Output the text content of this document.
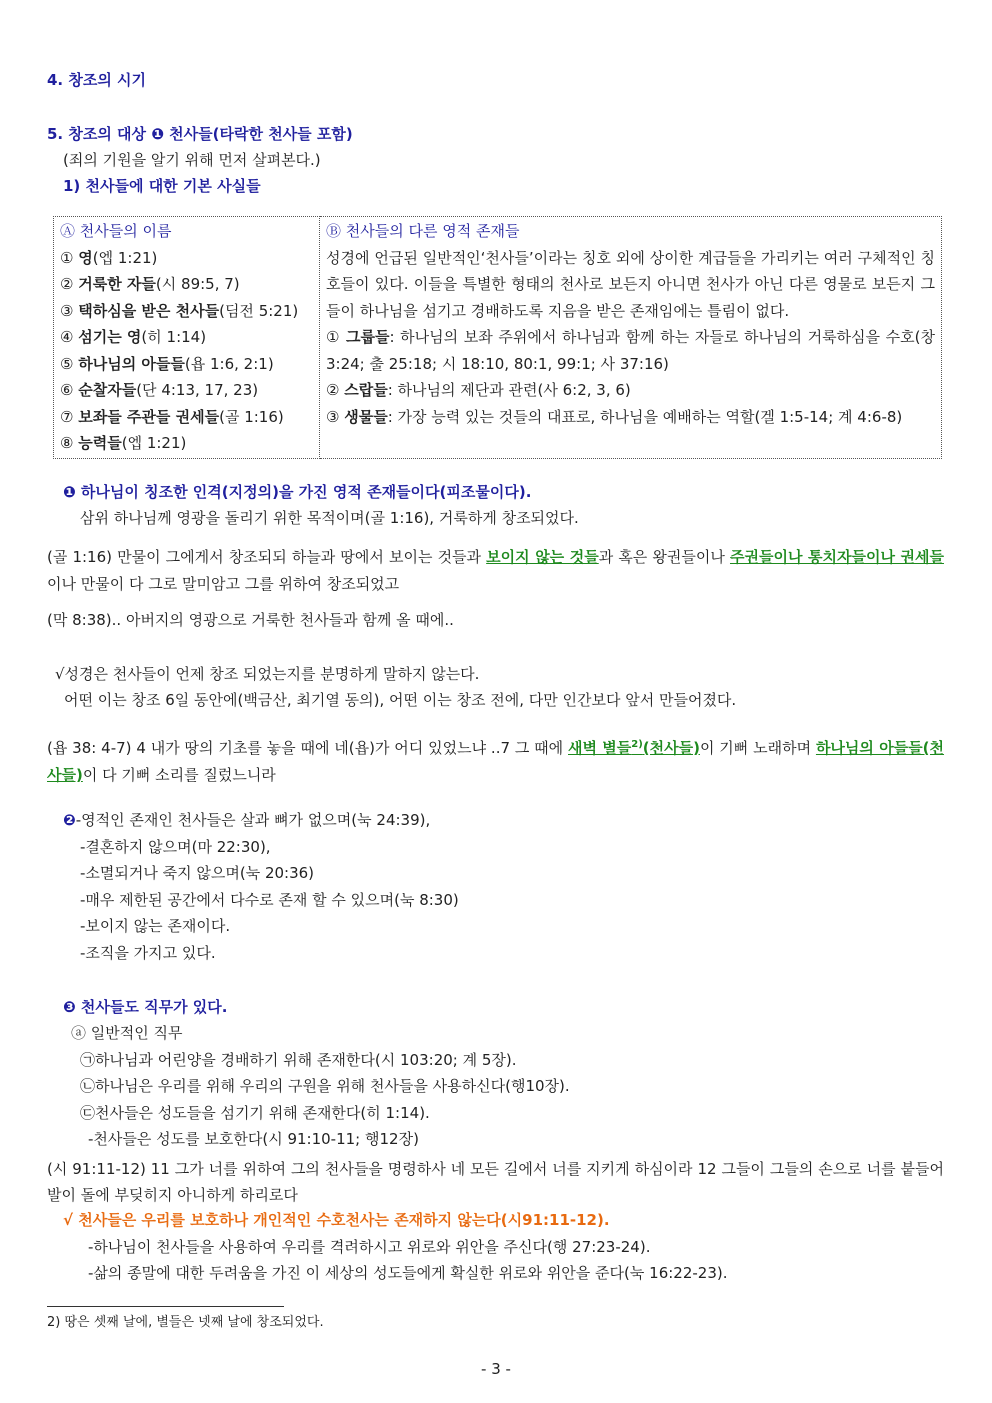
4. 창조의 시기
5. 창조의 대상 ❶ 천사들(타락한 천사들 포함)
(죄의 기원을 알기 위해 먼저 살펴본다.)
1) 천사들에 대한 기본 사실들
Ⓐ 천사들의 이름
① 영(엡 1:21)
② 거룩한 자들(시 89:5, 7)
③ 택하심을 받은 천사들(딤전 5:21)
④ 섬기는 영(히 1:14)
⑤ 하나님의 아들들(욥 1:6, 2:1)
⑥ 순찰자들(단 4:13, 17, 23)
⑦ 보좌들 주관들 권세들(골 1:16)
⑧ 능력들(엡 1:21)

Ⓑ 천사들의 다른 영적 존재들
성경에 언급된 일반적인‘천사들’이라는 칭호 외에 상이한 계급들을 가리키는 여러 구체적인 칭호들이 있다. 이들을 특별한 형태의 천사로 보든지 아니면 천사가 아닌 다른 영물로 보든지 그들이 하나님을 섬기고 경배하도록 지음을 받은 존재임에는 틀림이 없다.
① 그룹들: 하나님의 보좌 주위에서 하나님과 함께 하는 자들로 하나님의 거룩하심을 수호(창 3:24; 출 25:18; 시 18:10, 80:1, 99:1; 사 37:16)
② 스랍들: 하나님의 제단과 관련(사 6:2, 3, 6)
③ 생물들: 가장 능력 있는 것들의 대표로, 하나님을 예배하는 역할(겔 1:5-14; 계 4:6-8)
❶ 하나님이 칭조한 인격(지정의)을 가진 영적 존재들이다(피조물이다).
삼위 하나님께 영광을 돌리기 위한 목적이며(골 1:16), 거룩하게 창조되었다.
(골 1:16) 만물이 그에게서 창조되되 하늘과 땅에서 보이는 것들과 보이지 않는 것들과 혹은 왕권들이나 주권들이나 통치자들이나 권세들이나 만물이 다 그로 말미암고 그를 위하여 창조되었고
(막 8:38).. 아버지의 영광으로 거룩한 천사들과 함께 올 때에..
√성경은 천사들이 언제 창조 되었는지를 분명하게 말하지 않는다.
어떤 이는 창조 6일 동안에(백금산, 최기열 동의), 어떤 이는 창조 전에, 다만 인간보다 앞서 만들어졌다.
(욥 38: 4-7) 4 내가 땅의 기초를 놓을 때에 네(욥)가 어디 있었느냐 ..7 그 때에 새벽 별들$^{2)}$(천사들)이 기뻐 노래하며 하나님의 아들들(천사들)이 다 기뻐 소리를 질렀느니라
❷-영적인 존재인 천사들은 살과 뼈가 없으며(눅 24:39),
-결혼하지 않으며(마 22:30),
-소멸되거나 죽지 않으며(눅 20:36)
-매우 제한된 공간에서 다수로 존재 할 수 있으며(눅 8:30)
-보이지 않는 존재이다.
-조직을 가지고 있다.
❸ 천사들도 직무가 있다.
ⓐ 일반적인 직무
㉠하나님과 어린양을 경배하기 위해 존재한다(시 103:20; 계 5장).
㉡하나님은 우리를 위해 우리의 구원을 위해 천사들을 사용하신다(행10장).
㉢천사들은 성도들을 섬기기 위해 존재한다(히 1:14).
-천사들은 성도를 보호한다(시 91:10-11; 행12장)
(시 91:11-12) 11 그가 너를 위하여 그의 천사들을 명령하사 네 모든 길에서 너를 지키게 하심이라 12 그들이 그들의 손으로 너를 붙들어 발이 돌에 부딪히지 아니하게 하리로다
√ 천사들은 우리를 보호하나 개인적인 수호천사는 존재하지 않는다(시91:11-12).
-하나님이 천사들을 사용하여 우리를 격려하시고 위로와 위안을 주신다(행 27:23-24).
-삶의 종말에 대한 두려움을 가진 이 세상의 성도들에게 확실한 위로와 위안을 준다(눅 16:22-23).
2) 땅은 셋째 날에, 별들은 넷째 날에 창조되었다.
- 3 -
